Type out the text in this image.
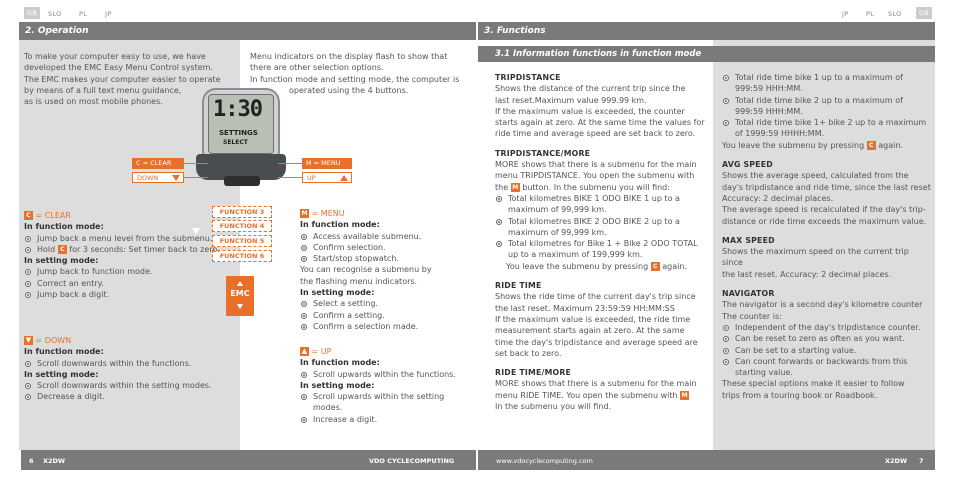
GB	SLO	PL	JP	JP	PL SLO	GB
2. Operation	3. Functions
3.1 Information functions in function mode
To make your computer easy to use, we have
developed the EMC Easy Menu Control system.
The EMC makes your computer easier to operate
by means of a full text menu guidance,
as is used on most mobile phones.
Menu indicators on the display flash to show that
there are other selection options.
In function mode and setting mode, the computer is
operated using the 4 buttons.
1:30
SETTINGS
SELECT
C = CLEAR
DOWN
M = MENU
UP
FUNCTION 3
FUNCTION 4
FUNCTION 5
FUNCTION 6
EMC
C = CLEAR
In function mode:
Jump back a menu level from the submenu.
Hold C for 3 seconds: Set timer back to zero.
In setting mode:
Jump back to function mode.
Correct an entry.
Jump back a digit.
▼ = DOWN
In function mode:
Scroll downwards within the functions.
In setting mode:
Scroll downwards within the setting modes.
Decrease a digit.
M = MENU
In function mode:
Access available submenu.
Confirm selection.
Start/stop stopwatch.
You can recognise a submenu by
the flashing menu indicators.
In setting mode:
Select a setting.
Confirm a setting.
Confirm a selection made.
▲ = UP
In function mode:
Scroll upwards within the functions.
In setting mode:
Scroll upwards within the setting modes.
Increase a digit.
TRIPDISTANCE
Shows the distance of the current trip since the
last reset.Maximum value 999.99 km.
If the maximum value is exceeded, the counter
starts again at zero. At the same time the values for
ride time and average speed are set back to zero.
TRIPDISTANCE/MORE
MORE shows that there is a submenu for the main
menu TRIPDISTANCE. You open the submenu with
the M button. In the submenu you will find:
Total kilometres BIKE 1 ODO BIKE 1 up to a maximum of 99,999 km.
Total kilometres BIKE 2 ODO BIKE 2 up to a maximum of 99,999 km.
Total kilometres for Bike 1 + Bike 2 ODO TOTAL up to a maximum of 199,999 km.
You leave the submenu by pressing C again.
RIDE TIME
Shows the ride time of the current day's trip since
the last reset. Maximum 23:59:59 HH:MM:SS
If the maximum value is exceeded, the ride time
measurement starts again at zero. At the same
time the day's tripdistance and average speed are
set back to zero.
RIDE TIME/MORE
MORE shows that there is a submenu for the main
menu RIDE TIME. You open the submenu with M
In the submenu you will find.
Total ride time bike 1 up to a maximum of 999:59 HHH:MM.
Total ride time bike 2 up to a maximum of 999:59 HHH:MM.
Total ride time bike 1+ bike 2 up to a maximum of 1999:59 HHHH:MM.
You leave the submenu by pressing C again.
AVG SPEED
Shows the average speed, calculated from the
day's tripdistance and ride time, since the last reset
Accuracy: 2 decimal places.
The average speed is recalculated if the day's trip-
distance or ride time exceeds the maximum value.
MAX SPEED
Shows the maximum speed on the current trip since
the last reset. Accuracy: 2 decimal places.
NAVIGATOR
The navigator is a second day's kilometre counter
The counter is:
Independent of the day's tripdistance counter.
Can be reset to zero as often as you want.
Can be set to a starting value.
Can count forwards or backwards from this starting value.
These special options make it easier to follow
trips from a touring book or Roadbook.
6 X2DW	VDO CYCLECOMPUTING	www.vdocyclecomputing.com	X2DW 7
